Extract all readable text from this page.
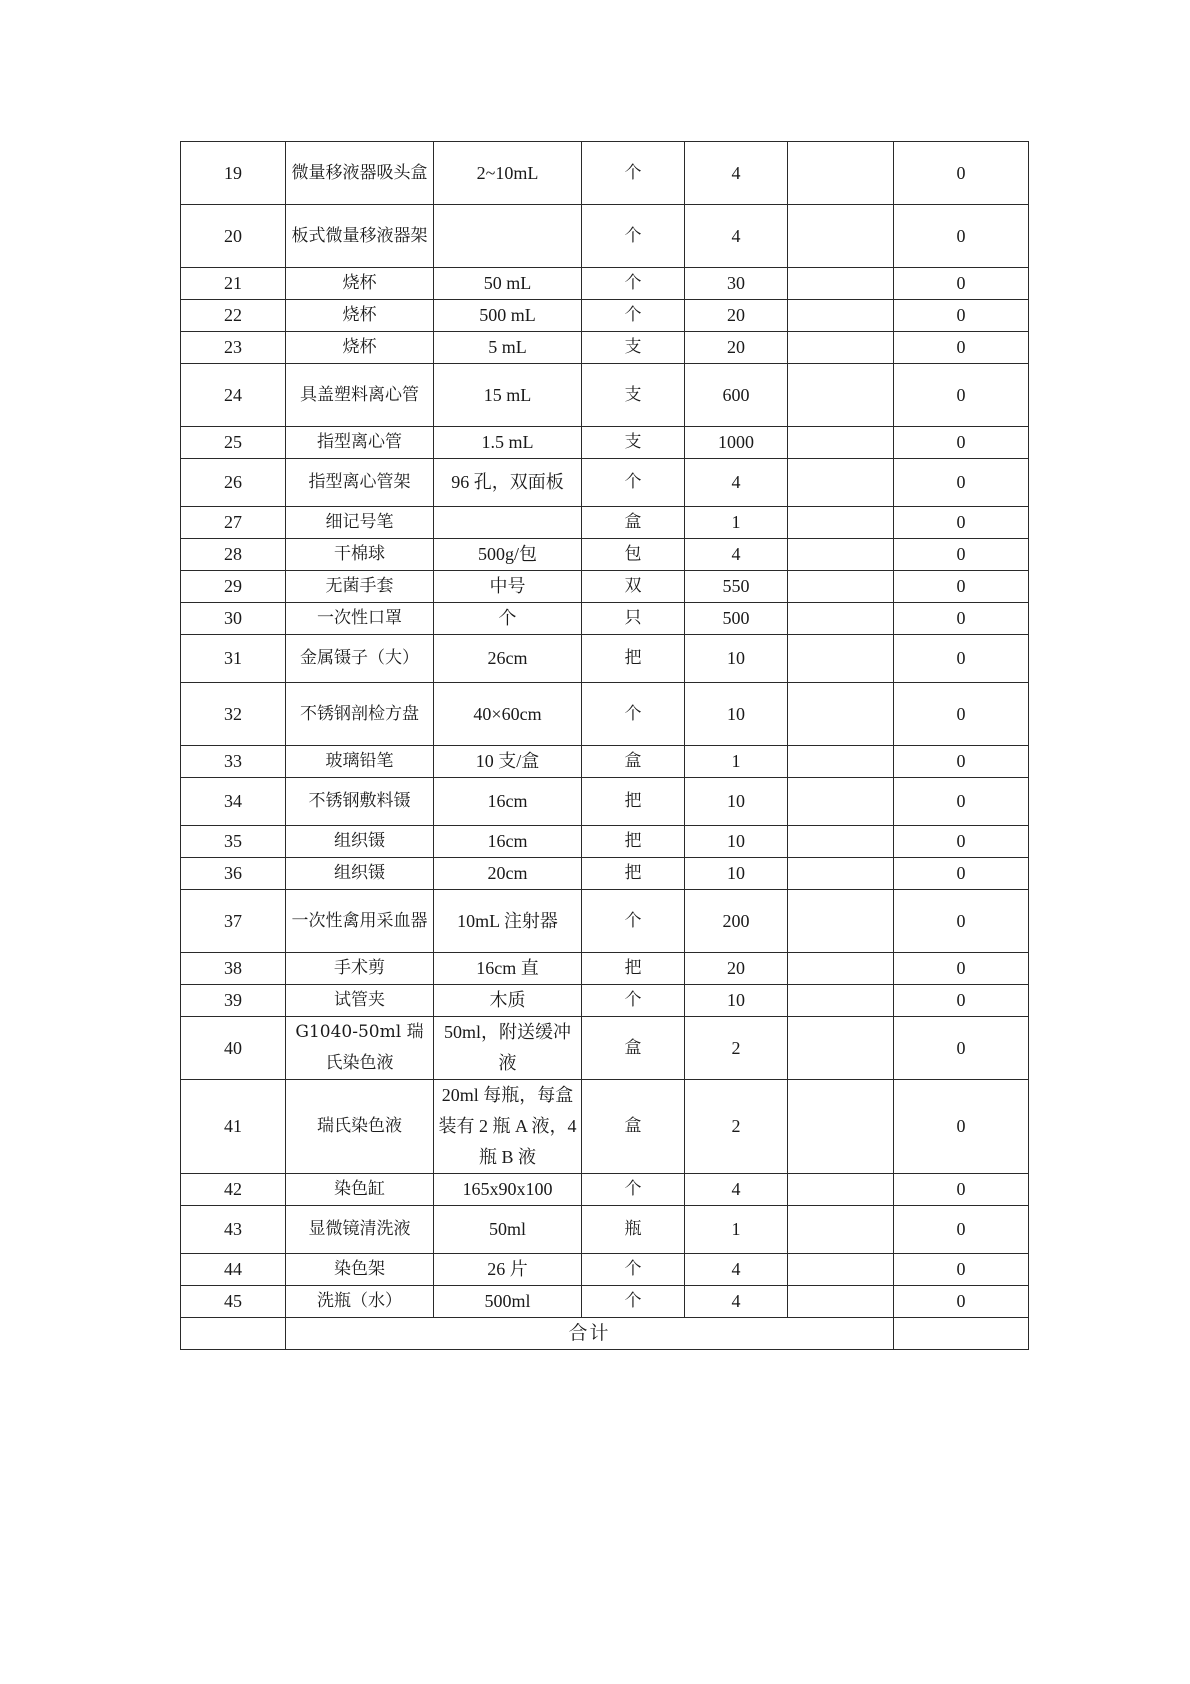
19	微量移液器吸头盒	2~10mL	个	4		0
20	板式微量移液器架		个	4		0
21	烧杯	50 mL	个	30		0
22	烧杯	500 mL	个	20		0
23	烧杯	5 mL	支	20		0
24	具盖塑料离心管	15 mL	支	600		0
25	指型离心管	1.5 mL	支	1000		0
26	指型离心管架	96 孔，双面板	个	4		0
27	细记号笔		盒	1		0
28	干棉球	500g/包	包	4		0
29	无菌手套	中号	双	550		0
30	一次性口罩	个	只	500		0
31	金属镊子（大）	26cm	把	10		0
32	不锈钢剖检方盘	40×60cm	个	10		0
33	玻璃铅笔	10 支/盒	盒	1		0
34	不锈钢敷料镊	16cm	把	10		0
35	组织镊	16cm	把	10		0
36	组织镊	20cm	把	10		0
37	一次性禽用采血器	10mL 注射器	个	200		0
38	手术剪	16cm 直	把	20		0
39	试管夹	木质	个	10		0
40	G1040-50ml 瑞氏染色液	50ml，附送缓冲液	盒	2		0
41	瑞氏染色液	20ml 每瓶，每盒装有 2 瓶 A 液，4 瓶 B 液	盒	2		0
42	染色缸	165x90x100	个	4		0
43	显微镜清洗液	50ml	瓶	1		0
44	染色架	26 片	个	4		0
45	洗瓶（水）	500ml	个	4		0
	合计					
